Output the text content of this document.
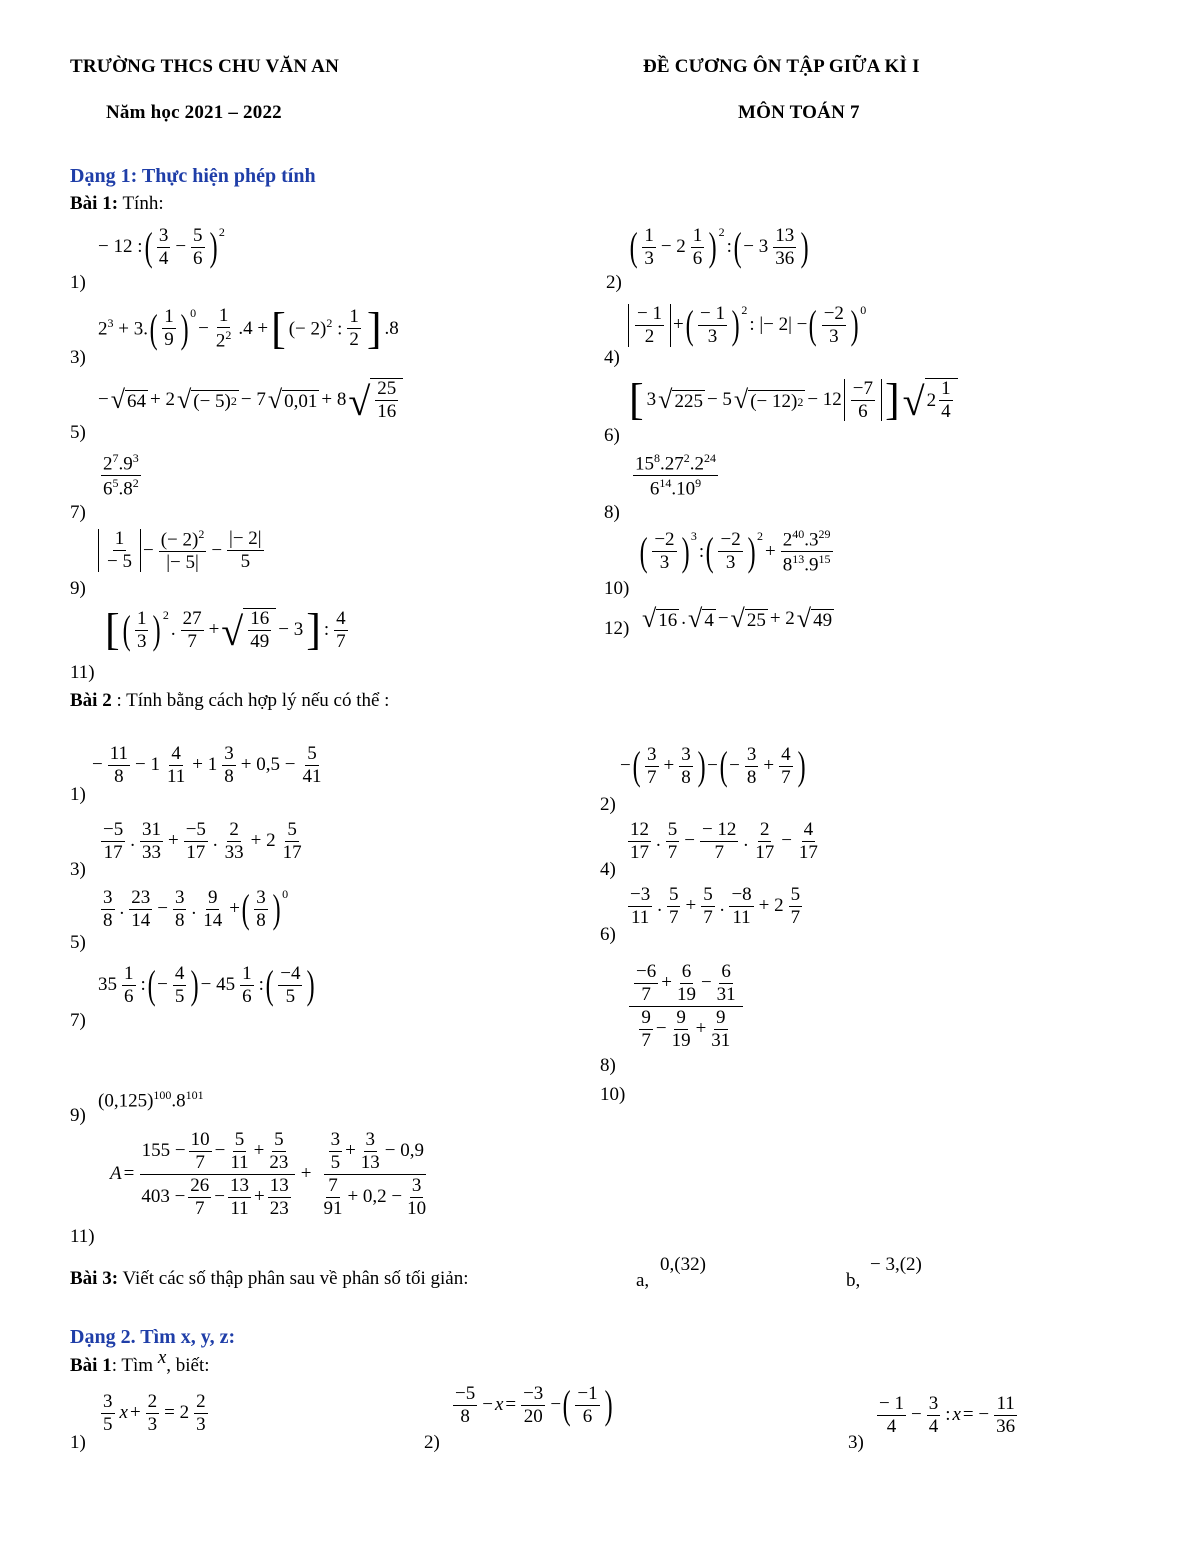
TRƯỜNG THCS CHU VĂN AN	ĐỀ CƯƠNG ÔN TẬP GIỮA KÌ I
Năm học 2021 – 2022	MÔN TOÁN 7
Dạng 1: Thực hiện phép tính
Bài 1: Tính:
1)
− 12 : ( 3
4
− $\frac{5}{6} )^2$
2)
( 1
3
− 2
1
6 )$^2$
: ( − 3
13
36 )
3)
$2^3 + 3$. ( 1
9 )$^0$
− $\frac{1}{2^2} .4$ + [ (− 2)$^2$ :
1
2 ] .8
4)
− 1
2
+ ( − 1
3 )$^2$
: |− 2| − ( −2
3 )$^0$
5)
− √ 64 + 2 √ (− 5) 2 − 7 √ 0,01 + 8 √ 25
16
6)
[ 3 √ 225 − 5 √ (− 12) 2 − 12
−7
6 ] √ 2
1
4
7)
$2^7.9^3$
$6^5.8^2$
8)
$15^8.27^2.2^{24}$
$6^{14}.10^9$
9)
1
− 5
− $\frac{(- 2)^2}{|- 5|} - \frac{|- 2|}{5}$
10)
( −2
3 )$^3$
: ( −2
3 )$^2$
+ $\frac{2^{40}.3^{29}}{8^{13}.9^{15}}$
12) √ 16 . √ 4 − √ 25 + 2 √ 49
11)
[ ( 1
3 )$^2$
.
27
7
+ √ 16
49
− 3 ] :
4
7
Bài 2 : Tính bằng cách hợp lý nếu có thể :
1)
− $\frac{11}{8} - 1$
4
11
+ 1
3
8
+ $0,5 - \frac{5}{41}$
2)
− ( 3
7
+ $\frac{3}{8}$ ) − ( − $\frac{3}{8} + \frac{4}{7}$ )
3)
−5
17
.
31
33
+ $\frac{-5}{17}$ .
2
33
+ 2
5
17
4)
12
17
.
5
7
− $\frac{- 12}{7}$ .
2
17
− $\frac{4}{17}$
5)
3
8
.
23
14
− $\frac{3}{8}$ .
9
14
+ ( 3
8 )$^0$
6)
−3
11
.
5
7
+ $\frac{5}{7}$ .
−8
11
+ 2
5
7
7)
35
1
6
: ( − $\frac{4}{5}$ ) − 45
1
6
: ( −4
5 )
8)
$\frac{-6}{7} + \frac{6}{19} - \frac{6}{31}$
$\frac{9}{7} - \frac{9}{19} + \frac{9}{31}$
9)
$(0,125)^{100}.8^{101}$	10)
11)
$A = \frac{155 - \frac{10}{7} - \frac{5}{11} + \frac{5}{23}}{403 - \frac{26}{7} - \frac{13}{11} + \frac{13}{23}} + \frac{\frac{3}{5} + \frac{3}{13} - 0,9}{\frac{7}{91} + 0,2 - \frac{3}{10}}$
Bài 3: Viết các số thập phân sau về phân số tối giản:	a,
0,(32)
b,
− 3,(2)
Dạng 2. Tìm x, y, z:
Bài 1: Tìm x, biết:
1)
3
5
$x + \frac{2}{3} = 2$
2
3
2)
−5
8
− $x = \frac{-3}{20}$ − ( −1
6 )
3)
− 1
4
− $\frac{3}{4}$ : x = − $\frac{11}{36}$
